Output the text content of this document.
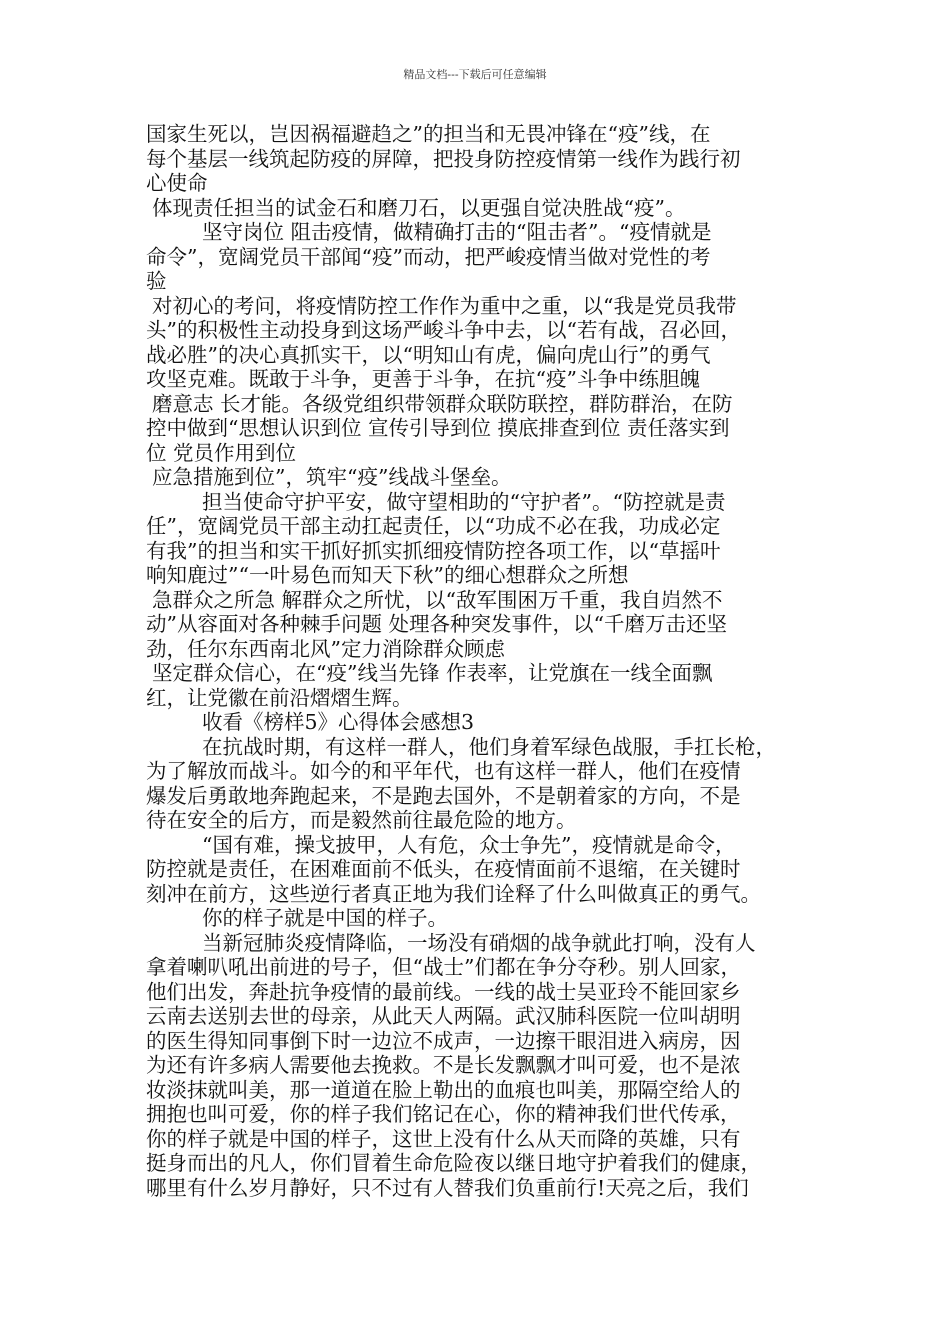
精品文档---下载后可任意编辑
国家生死以，岂因祸福避趋之”的担当和无畏冲锋在“疫”线，在
每个基层一线筑起防疫的屏障，把投身防控疫情第一线作为践行初
心使命
体现责任担当的试金石和磨刀石，以更强自觉决胜战“疫”。
坚守岗位 阻击疫情，做精确打击的“阻击者”。“疫情就是
命令”，宽阔党员干部闻“疫”而动，把严峻疫情当做对党性的考
验
对初心的考问，将疫情防控工作作为重中之重，以“我是党员我带
头”的积极性主动投身到这场严峻斗争中去，以“若有战，召必回，
战必胜”的决心真抓实干，以“明知山有虎，偏向虎山行”的勇气
攻坚克难。既敢于斗争，更善于斗争，在抗“疫”斗争中练胆魄
磨意志 长才能。各级党组织带领群众联防联控，群防群治，在防
控中做到“思想认识到位 宣传引导到位 摸底排查到位 责任落实到
位 党员作用到位
应急措施到位”，筑牢“疫”线战斗堡垒。
担当使命守护平安，做守望相助的“守护者”。“防控就是责
任”，宽阔党员干部主动扛起责任，以“功成不必在我，功成必定
有我”的担当和实干抓好抓实抓细疫情防控各项工作，以“草摇叶
响知鹿过”“一叶易色而知天下秋”的细心想群众之所想
急群众之所急 解群众之所忧，以“敌军围困万千重，我自岿然不
动”从容面对各种棘手问题 处理各种突发事件，以“千磨万击还坚
劲，任尔东西南北风”定力消除群众顾虑
坚定群众信心，在“疫”线当先锋 作表率，让党旗在一线全面飘
红，让党徽在前沿熠熠生辉。
收看《榜样5》心得体会感想3
在抗战时期，有这样一群人，他们身着军绿色战服，手扛长枪，
为了解放而战斗。如今的和平年代，也有这样一群人，他们在疫情
爆发后勇敢地奔跑起来，不是跑去国外，不是朝着家的方向，不是
待在安全的后方，而是毅然前往最危险的地方。
“国有难，操戈披甲，人有危，众士争先”，疫情就是命令，
防控就是责任，在困难面前不低头，在疫情面前不退缩，在关键时
刻冲在前方，这些逆行者真正地为我们诠释了什么叫做真正的勇气。
你的样子就是中国的样子。
当新冠肺炎疫情降临，一场没有硝烟的战争就此打响，没有人
拿着喇叭吼出前进的号子，但“战士”们都在争分夺秒。别人回家，
他们出发，奔赴抗争疫情的最前线。一线的战士吴亚玲不能回家乡
云南去送别去世的母亲，从此天人两隔。武汉肺科医院一位叫胡明
的医生得知同事倒下时一边泣不成声，一边擦干眼泪进入病房，因
为还有许多病人需要他去挽救。不是长发飘飘才叫可爱，也不是浓
妆淡抹就叫美，那一道道在脸上勒出的血痕也叫美，那隔空给人的
拥抱也叫可爱，你的样子我们铭记在心，你的精神我们世代传承，
你的样子就是中国的样子，这世上没有什么从天而降的英雄，只有
挺身而出的凡人，你们冒着生命危险夜以继日地守护着我们的健康，
哪里有什么岁月静好，只不过有人替我们负重前行!天亮之后，我们
